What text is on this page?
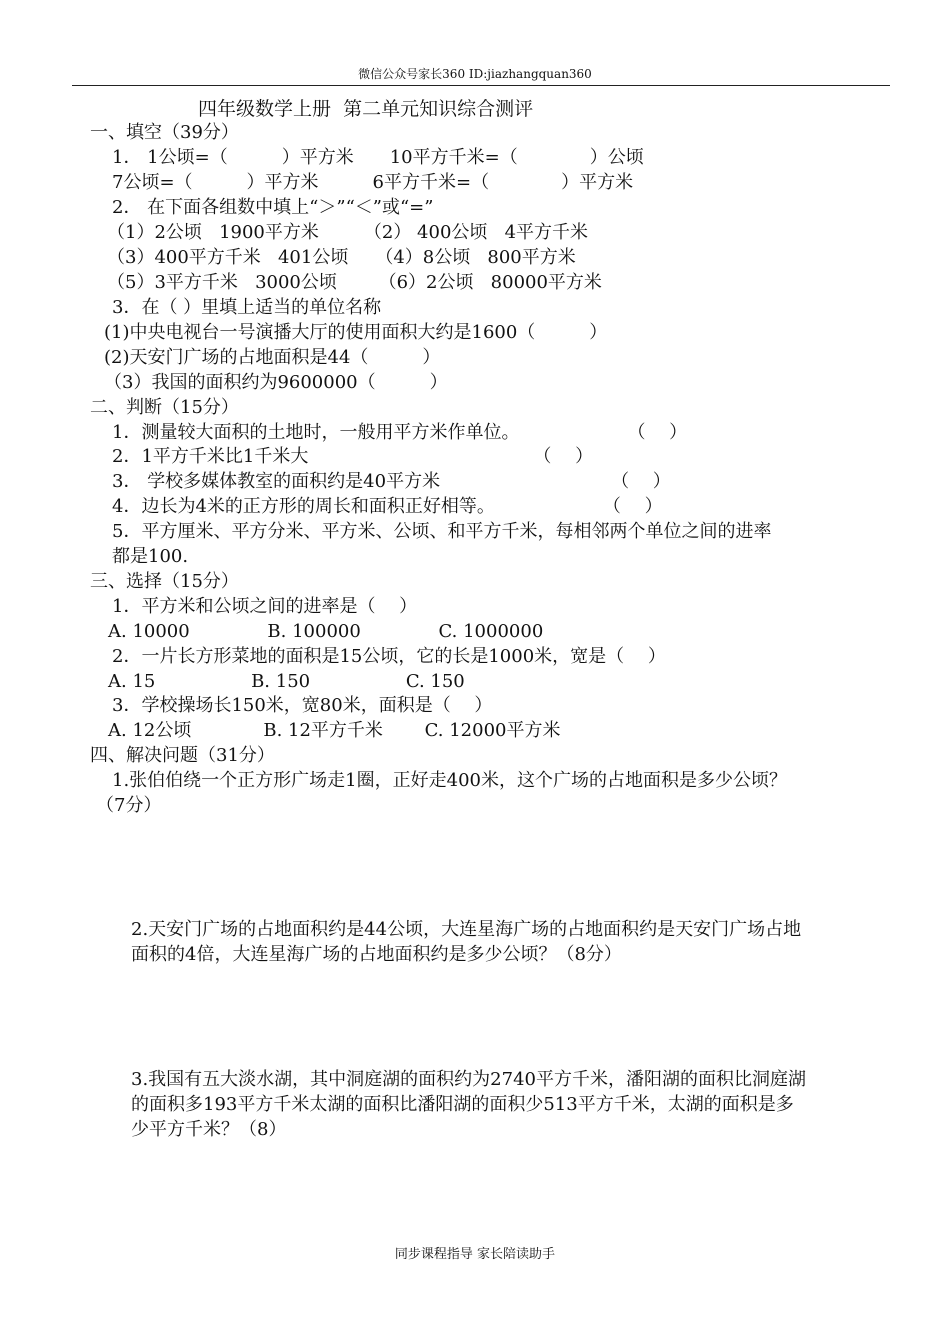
微信公众号家长360 ID:jiazhangquan360
四年级数学上册  第二单元知识综合测评
一、填空（39分）
1． 1公顷=（　　　）平方米　　10平方千米=（　　　　）公顷
7公顷=（　　　）平方米　　　6平方千米=（　　　　）平方米
2． 在下面各组数中填上“＞”“＜”或“=”
（1）2公顷   1900平方米　　　（2） 400公顷   4平方千米
（3）400平方千米   401公顷　　（4）8公顷   800平方米
（5）3平方千米   3000公顷　　 （6）2公顷   80000平方米
3．在（ ）里填上适当的单位名称
(1)中央电视台一号演播大厅的使用面积大约是1600（　　　）
(2)天安门广场的占地面积是44（　　　）
（3）我国的面积约为9600000（　　　）
二、判断（15分）
1．测量较大面积的土地时，一般用平方米作单位。　　　　　　　（　 ）
2．1平方千米比1千米大　　　　　　　　　　　　　（　 ）
3． 学校多媒体教室的面积约是40平方米　　　　　　　　　　（　 ）
4．边长为4米的正方形的周长和面积正好相等。　　　　　　　（　 ）
5．平方厘米、平方分米、平方米、公顷、和平方千米，每相邻两个单位之间的进率
都是100.
三、选择（15分）
1．平方米和公顷之间的进率是（　 ）
A. 10000　　　　 B. 100000　　　　 C. 1000000
2．一片长方形菜地的面积是15公顷，它的长是1000米，宽是（　 ）
A. 15　　　　　 B. 150　　　　　 C. 150
3．学校操场长150米，宽80米，面积是（　 ）
A. 12公顷　　　　B. 12平方千米　　 C. 12000平方米
四、解决问题（31分）
1.张伯伯绕一个正方形广场走1圈，正好走400米，这个广场的占地面积是多少公顷？
（7分）
2.天安门广场的占地面积约是44公顷，大连星海广场的占地面积约是天安门广场占地
面积的4倍，大连星海广场的占地面积约是多少公顷？（8分）
3.我国有五大淡水湖，其中洞庭湖的面积约为2740平方千米，潘阳湖的面积比洞庭湖
的面积多193平方千米太湖的面积比潘阳湖的面积少513平方千米，太湖的面积是多
少平方千米？（8）
同步课程指导 家长陪读助手
